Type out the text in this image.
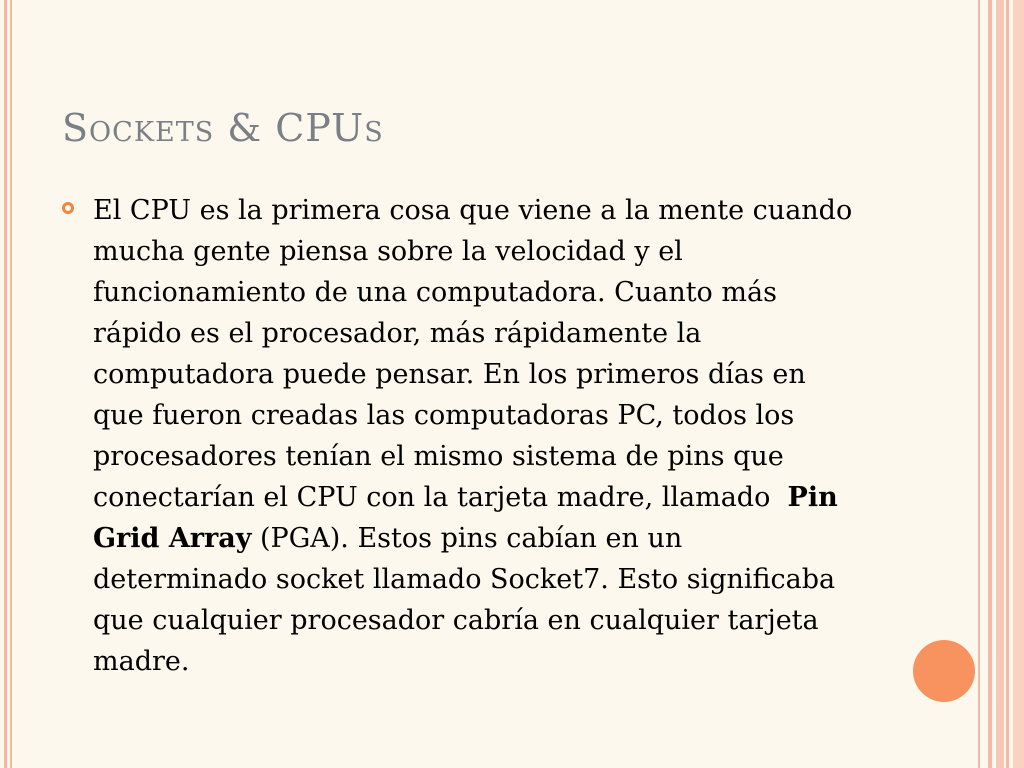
Sockets & CPUs
El CPU es la primera cosa que viene a la mente cuando mucha gente piensa sobre la velocidad y el funcionamiento de una computadora. Cuanto más rápido es el procesador, más rápidamente la computadora puede pensar. En los primeros días en que fueron creadas las computadoras PC, todos los procesadores tenían el mismo sistema de pins que conectarían el CPU con la tarjeta madre, llamado  Pin Grid Array (PGA). Estos pins cabían en un determinado socket llamado Socket7. Esto significaba que cualquier procesador cabría en cualquier tarjeta madre.
